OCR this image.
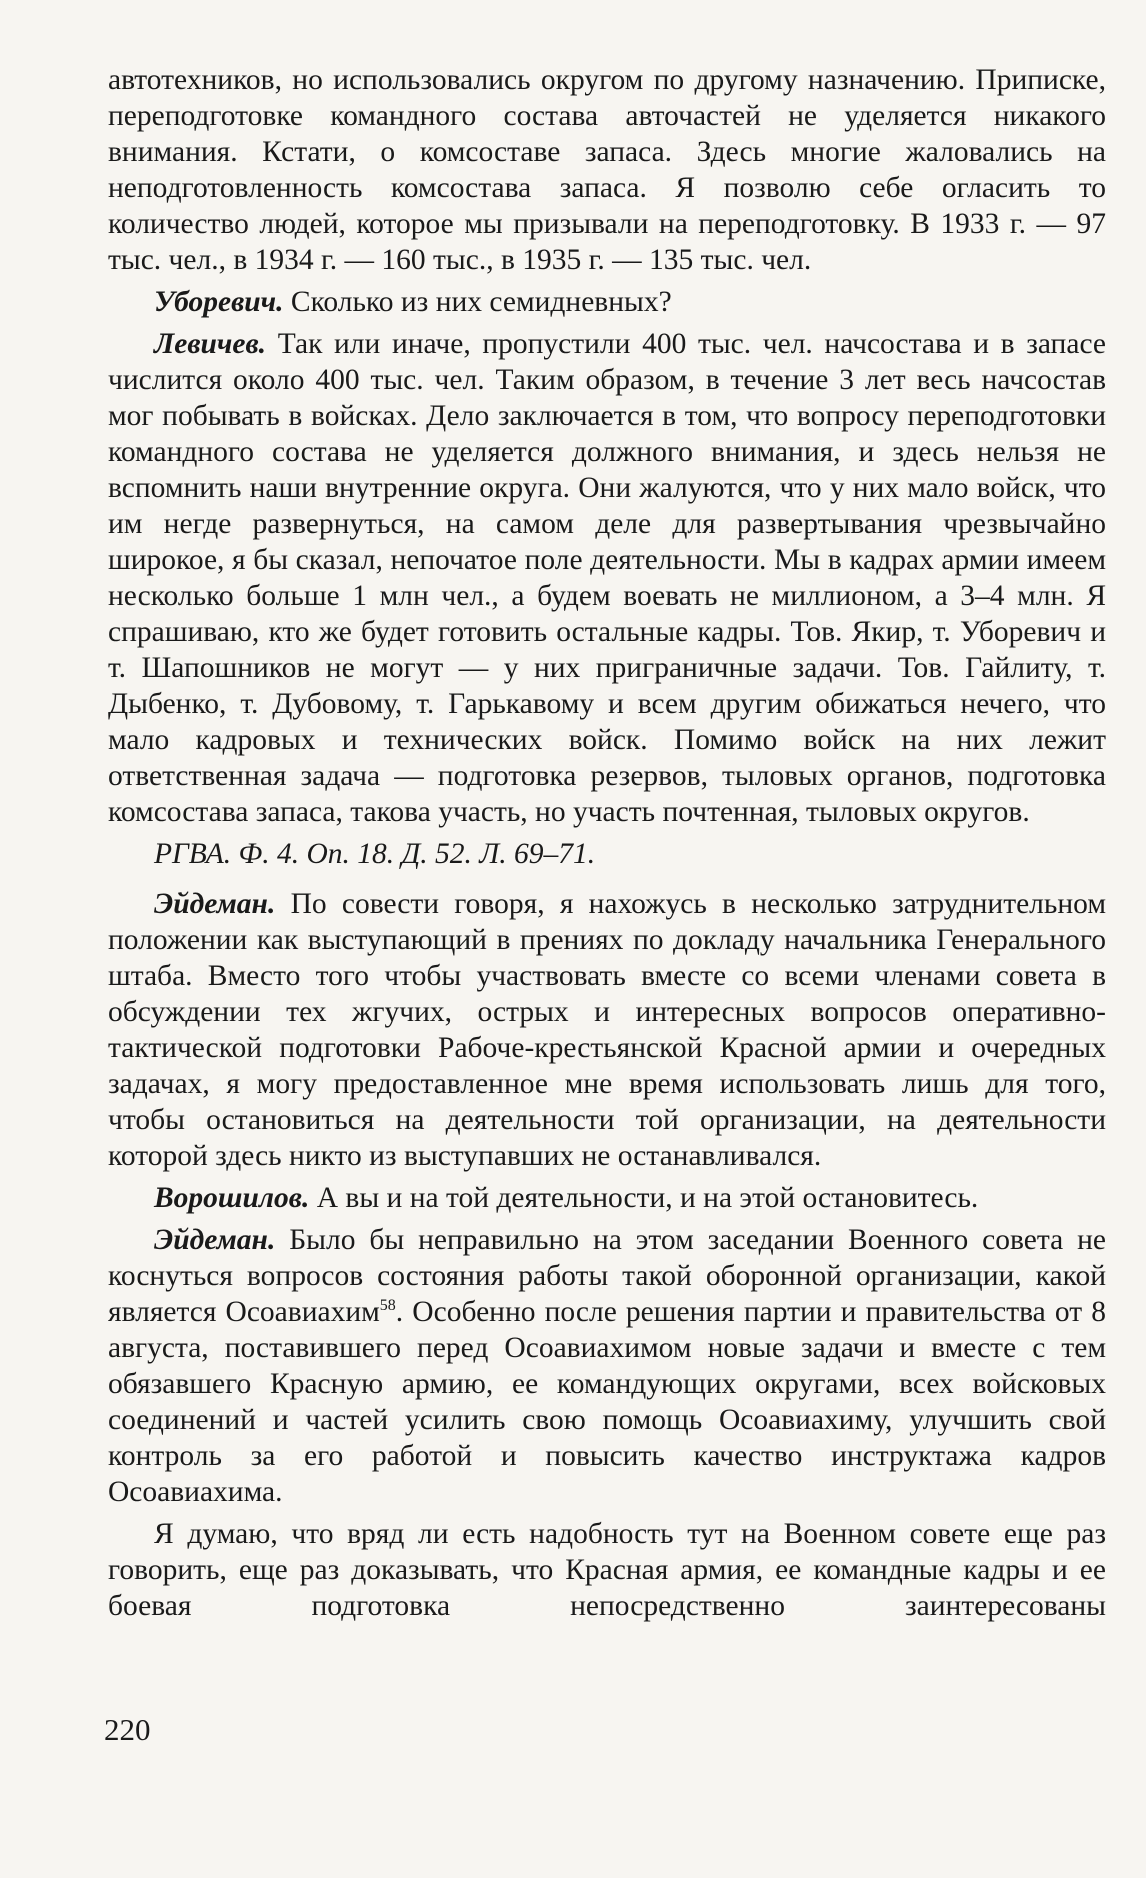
автотехников, но использовались округом по другому назначению. Приписке, переподготовке командного состава авточастей не уделяется никакого внимания. Кстати, о комсоставе запаса. Здесь многие жаловались на неподготовленность комсостава запаса. Я позволю себе огласить то количество людей, которое мы призывали на переподготовку. В 1933 г. — 97 тыс. чел., в 1934 г. — 160 тыс., в 1935 г. — 135 тыс. чел.

Уборевич. Сколько из них семидневных?

Левичев. Так или иначе, пропустили 400 тыс. чел. начсостава и в запасе числится около 400 тыс. чел. Таким образом, в течение 3 лет весь начсостав мог побывать в войсках. Дело заключается в том, что вопросу переподготовки командного состава не уделяется должного внимания, и здесь нельзя не вспомнить наши внутренние округа. Они жалуются, что у них мало войск, что им негде развернуться, на самом деле для развертывания чрезвычайно широкое, я бы сказал, непочатое поле деятельности. Мы в кадрах армии имеем несколько больше 1 млн чел., а будем воевать не миллионом, а 3–4 млн. Я спрашиваю, кто же будет готовить остальные кадры. Тов. Якир, т. Уборевич и т. Шапошников не могут — у них приграничные задачи. Тов. Гайлиту, т. Дыбенко, т. Дубовому, т. Гарькавому и всем другим обижаться нечего, что мало кадровых и технических войск. Помимо войск на них лежит ответственная задача — подготовка резервов, тыловых органов, подготовка комсостава запаса, такова участь, но участь почтенная, тыловых округов.

РГВА. Ф. 4. Оп. 18. Д. 52. Л. 69–71.

Эйдеман. По совести говоря, я нахожусь в несколько затруднительном положении как выступающий в прениях по докладу начальника Генерального штаба. Вместо того чтобы участвовать вместе со всеми членами совета в обсуждении тех жгучих, острых и интересных вопросов оперативно-тактической подготовки Рабоче-крестьянской Красной армии и очередных задачах, я могу предоставленное мне время использовать лишь для того, чтобы остановиться на деятельности той организации, на деятельности которой здесь никто из выступавших не останавливался.

Ворошилов. А вы и на той деятельности, и на этой остановитесь.

Эйдеман. Было бы неправильно на этом заседании Военного совета не коснуться вопросов состояния работы такой оборонной организации, какой является Осоавиахим$^{58}$. Особенно после решения партии и правительства от 8 августа, поставившего перед Осоавиахимом новые задачи и вместе с тем обязавшего Красную армию, ее командующих округами, всех войсковых соединений и частей усилить свою помощь Осоавиахиму, улучшить свой контроль за его работой и повысить качество инструктажа кадров Осоавиахима.

Я думаю, что вряд ли есть надобность тут на Военном совете еще раз говорить, еще раз доказывать, что Красная армия, ее командные кадры и ее боевая подготовка непосредственно заинтересованы

220
